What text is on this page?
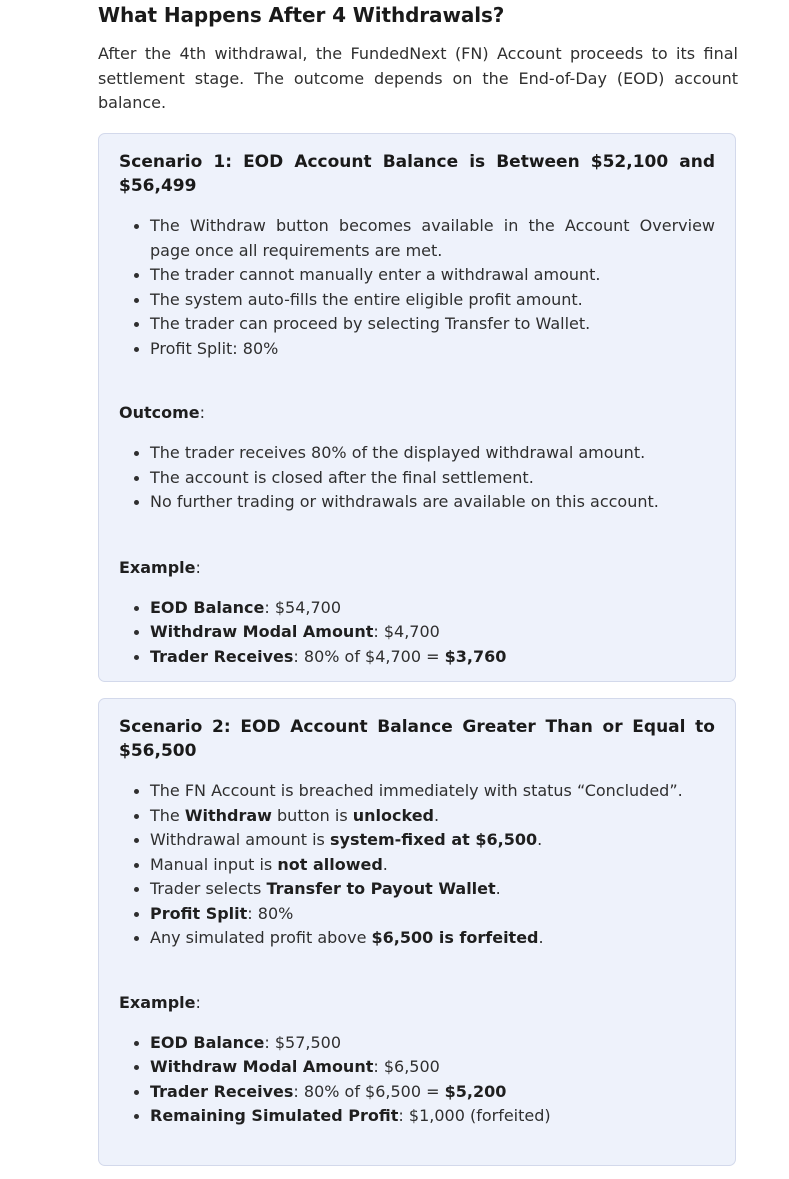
What Happens After 4 Withdrawals?

After the 4th withdrawal, the FundedNext (FN) Account proceeds to its final settlement stage. The outcome depends on the End-of-Day (EOD) account balance.

Scenario 1: EOD Account Balance is Between $52,100 and $56,499
The Withdraw button becomes available in the Account Overview page once all requirements are met.
The trader cannot manually enter a withdrawal amount.
The system auto-fills the entire eligible profit amount.
The trader can proceed by selecting Transfer to Wallet.
Profit Split: 80%

Outcome:

The trader receives 80% of the displayed withdrawal amount.
The account is closed after the final settlement.
No further trading or withdrawals are available on this account.

Example:

EOD Balance: $54,700
Withdraw Modal Amount: $4,700
Trader Receives: 80% of $4,700 = $3,760
Scenario 2: EOD Account Balance Greater Than or Equal to $56,500
The FN Account is breached immediately with status “Concluded”.
The Withdraw button is unlocked.
Withdrawal amount is system-fixed at $6,500.
Manual input is not allowed.
Trader selects Transfer to Payout Wallet.
Profit Split: 80%
Any simulated profit above $6,500 is forfeited.

Example:

EOD Balance: $57,500
Withdraw Modal Amount: $6,500
Trader Receives: 80% of $6,500 = $5,200
Remaining Simulated Profit: $1,000 (forfeited)
